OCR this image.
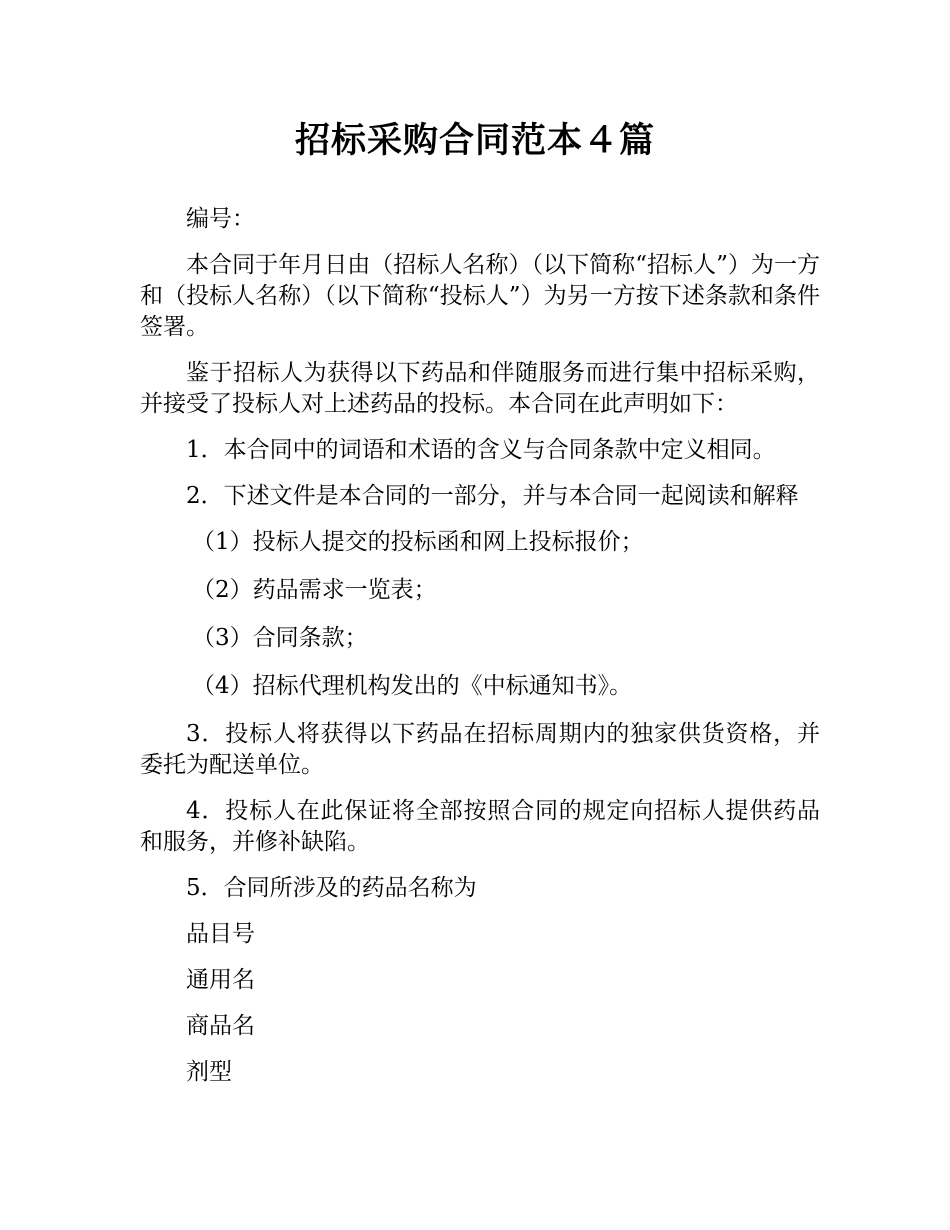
招标采购合同范本４篇

编号：

本合同于年月日由（招标人名称）（以下简称“招标人”）为一方和（投标人名称）（以下简称“投标人”）为另一方按下述条款和条件签署。

鉴于招标人为获得以下药品和伴随服务而进行集中招标采购，并接受了投标人对上述药品的投标。本合同在此声明如下：

1．本合同中的词语和术语的含义与合同条款中定义相同。

2．下述文件是本合同的一部分，并与本合同一起阅读和解释

（1）投标人提交的投标函和网上投标报价；

（2）药品需求一览表；

（3）合同条款；

（4）招标代理机构发出的《中标通知书》。

3．投标人将获得以下药品在招标周期内的独家供货资格，并委托为配送单位。

4．投标人在此保证将全部按照合同的规定向招标人提供药品和服务，并修补缺陷。

5．合同所涉及的药品名称为

品目号

通用名

商品名

剂型
